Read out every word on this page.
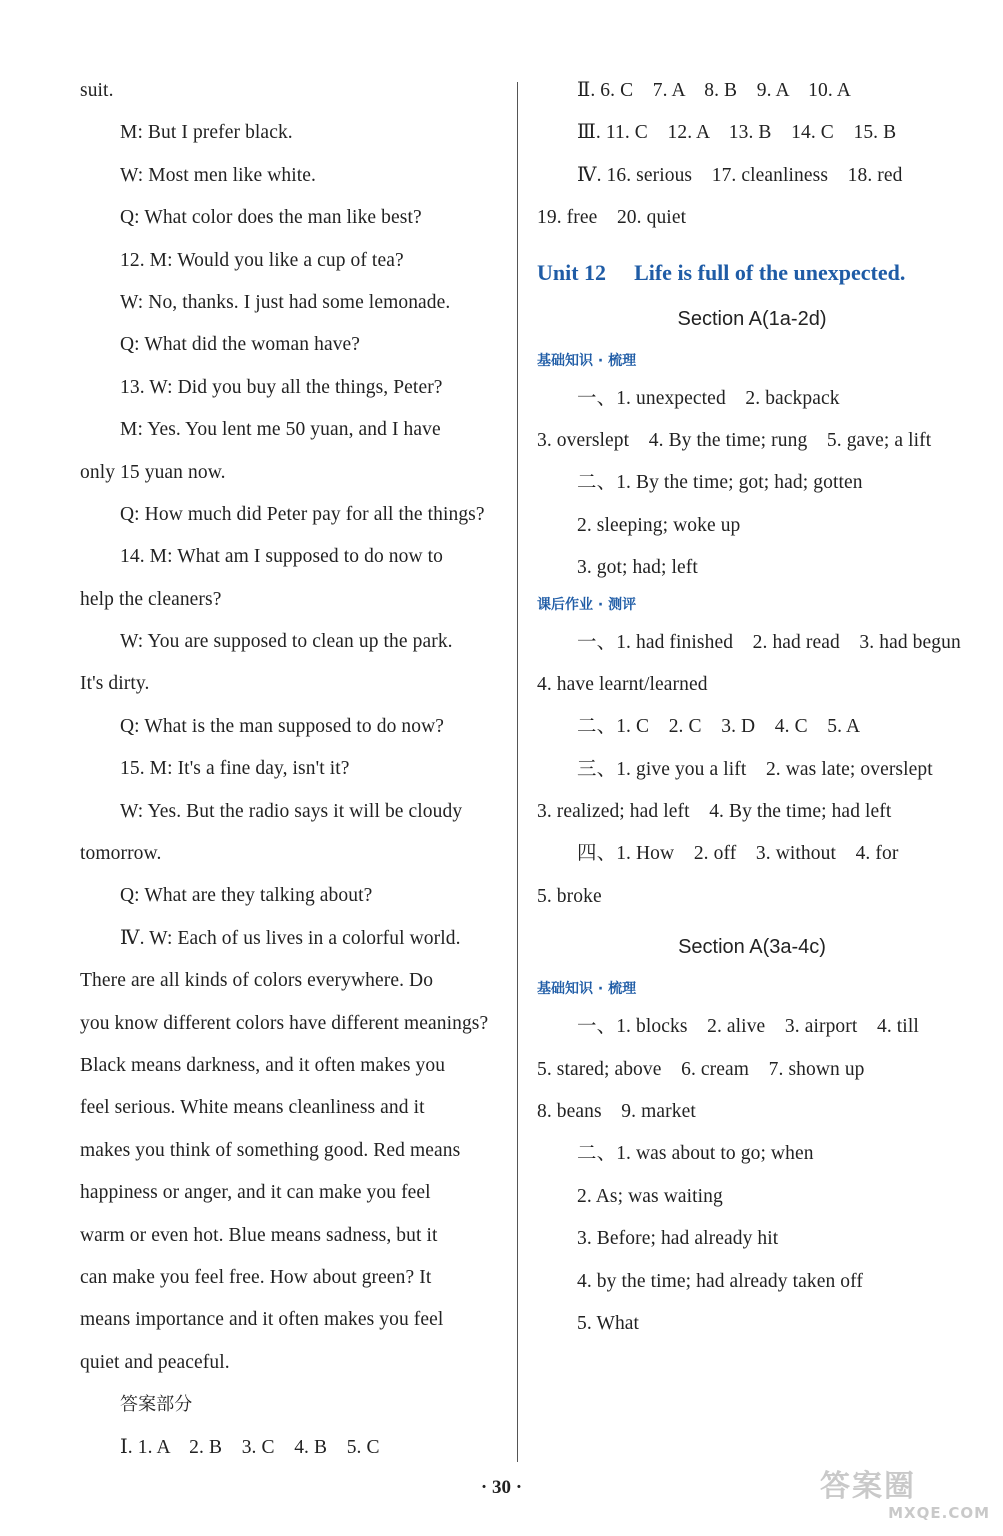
suit.
M: But I prefer black.
W: Most men like white.
Q: What color does the man like best?
12. M: Would you like a cup of tea?
W: No, thanks. I just had some lemonade.
Q: What did the woman have?
13. W: Did you buy all the things, Peter?
M: Yes. You lent me 50 yuan, and I have
only 15 yuan now.
Q: How much did Peter pay for all the things?
14. M: What am I supposed to do now to
help the cleaners?
W: You are supposed to clean up the park.
It's dirty.
Q: What is the man supposed to do now?
15. M: It's a fine day, isn't it?
W: Yes. But the radio says it will be cloudy
tomorrow.
Q: What are they talking about?
Ⅳ. W: Each of us lives in a colorful world.
There are all kinds of colors everywhere. Do
you know different colors have different meanings?
Black means darkness, and it often makes you
feel serious. White means cleanliness and it
makes you think of something good. Red means
happiness or anger, and it can make you feel
warm or even hot. Blue means sadness, but it
can make you feel free. How about green? It
means importance and it often makes you feel
quiet and peaceful.
答案部分
Ⅰ. 1. A　2. B　3. C　4. B　5. C
Ⅱ. 6. C　7. A　8. B　9. A　10. A
Ⅲ. 11. C　12. A　13. B　14. C　15. B
Ⅳ. 16. serious　17. cleanliness　18. red
19. free　20. quiet
Unit 12 Life is full of the unexpected.
Section A(1a-2d)
基础知识 · 梳理
一、1. unexpected　2. backpack
3. overslept　4. By the time; rung　5. gave; a lift
二、1. By the time; got; had; gotten
2. sleeping; woke up
3. got; had; left
课后作业 · 测评
一、1. had finished　2. had read　3. had begun
4. have learnt/learned
二、1. C　2. C　3. D　4. C　5. A
三、1. give you a lift　2. was late; overslept
3. realized; had left　4. By the time; had left
四、1. How　2. off　3. without　4. for
5. broke
Section A(3a-4c)
基础知识 · 梳理
一、1. blocks　2. alive　3. airport　4. till
5. stared; above　6. cream　7. shown up
8. beans　9. market
二、1. was about to go; when
2. As; was waiting
3. Before; had already hit
4. by the time; had already taken off
5. What
· 30 ·	答案圈
MXQE.COM
